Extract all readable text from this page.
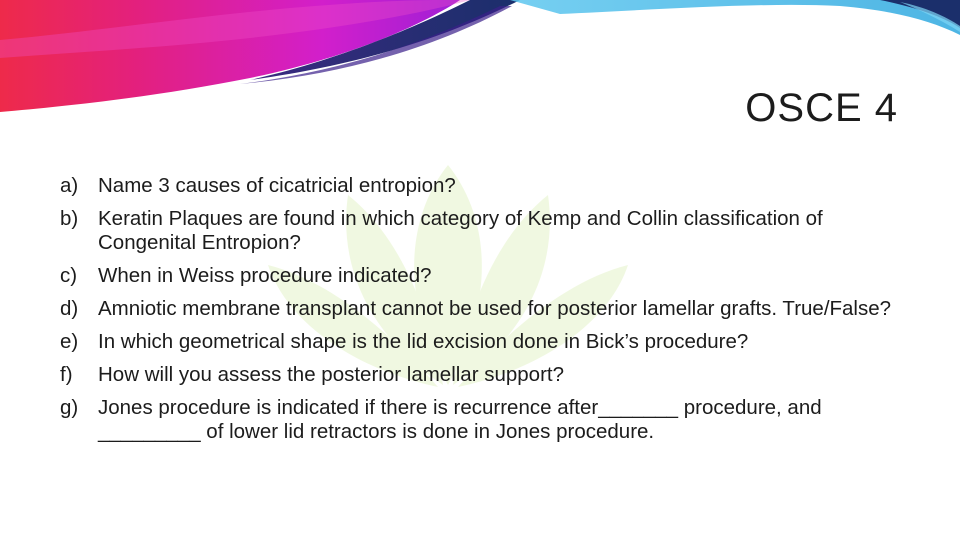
OSCE 4
a) Name 3 causes of cicatricial entropion?
b) Keratin Plaques are found in which category of Kemp and Collin classification of Congenital Entropion?
c) When in Weiss procedure indicated?
d) Amniotic membrane transplant cannot be used for posterior lamellar grafts. True/False?
e) In which geometrical shape is the lid excision done in Bick’s procedure?
f) How will you assess the posterior lamellar support?
g) Jones procedure is indicated if there is recurrence after_______ procedure, and _________ of lower lid retractors is done in Jones procedure.
